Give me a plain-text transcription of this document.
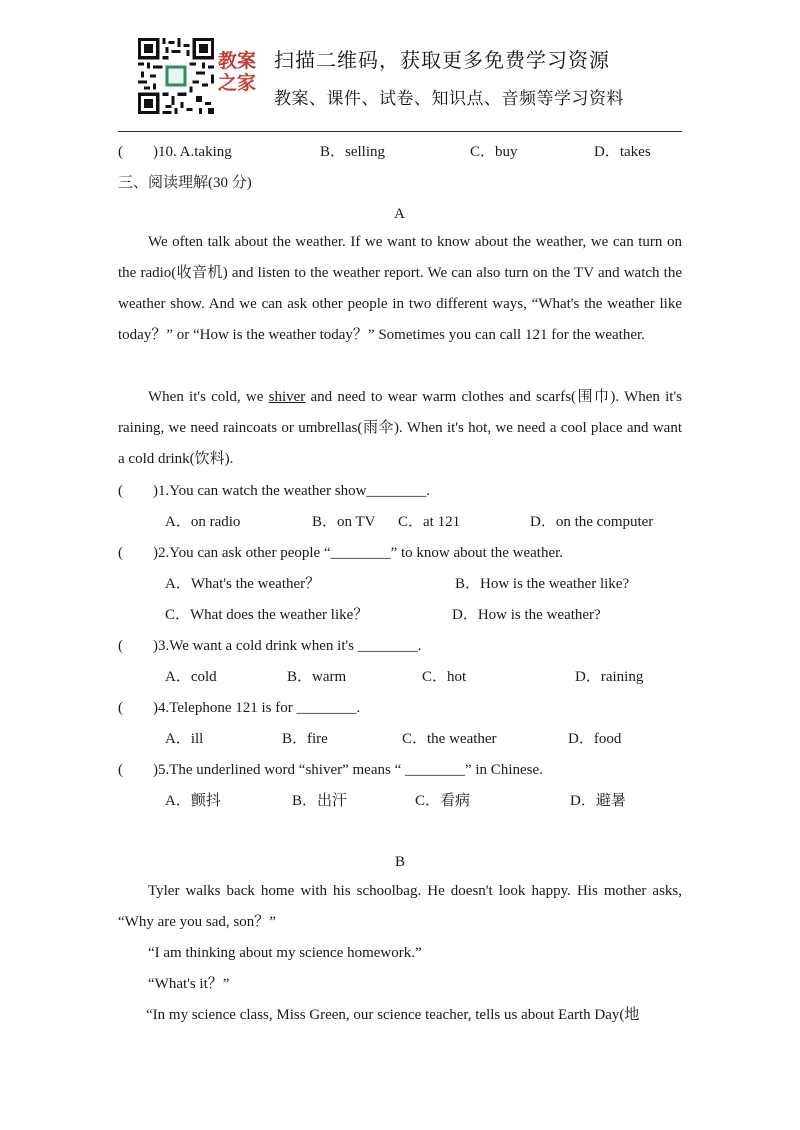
教案
之家
扫描二维码，获取更多免费学习资源
教案、课件、试卷、知识点、音频等学习资料
(　　)10. A.taking	B．selling	C．buy	D．takes
三、阅读理解(30 分)
A
We often talk about the weather. If we want to know about the weather, we can turn on the radio(收音机) and listen to the weather report. We can also turn on the TV and watch the weather show. And we can ask other people in two different ways, “What's the weather like today？” or “How is the weather today？” Sometimes you can call 121 for the weather.
When it's cold, we shiver and need to wear warm clothes and scarfs(围巾). When it's raining, we need raincoats or umbrellas(雨伞). When it's hot, we need a cool place and want a cold drink(饮料).
(　　)1.You can watch the weather show________.
A．on radio	B．on TV C．at 121	D．on the computer
(　　)2.You can ask other people “________” to know about the weather.
A．What's the weather？	B．How is the weather like?
C．What does the weather like？	D．How is the weather?
(　　)3.We want a cold drink when it's ________.
A．cold	B．warm	C．hot	D．raining
(　　)4.Telephone 121 is for ________.
A．ill	B．fire	C．the weather	D．food
(　　)5.The underlined word “shiver” means “ ________” in Chinese.
A．颤抖	B．出汗	C．看病	D．避暑
B
Tyler walks back home with his schoolbag. He doesn't look happy. His mother asks, “Why are you sad, son？”
“I am thinking about my science homework.”
“What's it？”
“In my science class, Miss Green, our science teacher, tells us about Earth Day(地
